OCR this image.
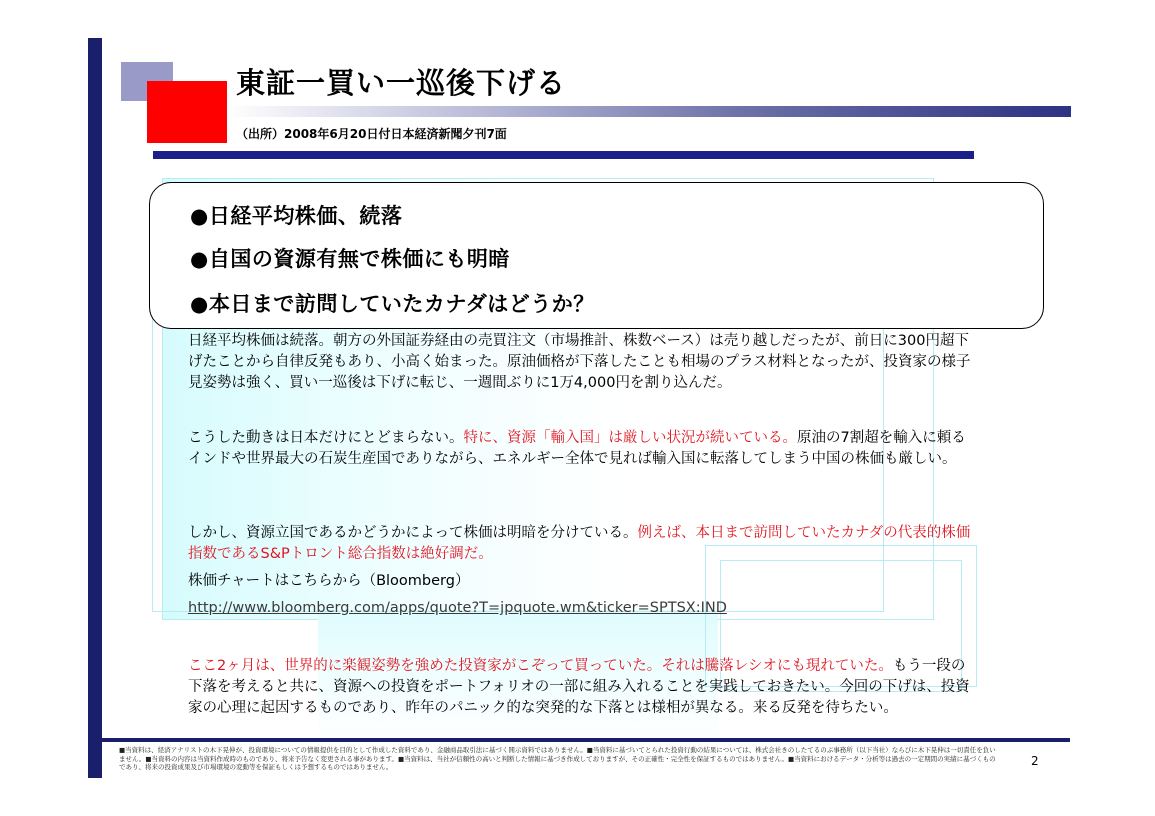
東証一買い一巡後下げる
（出所）2008年6月20日付日本経済新聞夕刊7面
●日経平均株価、続落
●自国の資源有無で株価にも明暗
●本日まで訪問していたカナダはどうか？
日経平均株価は続落。朝方の外国証券経由の売買注文（市場推計、株数ベース）は売り越しだったが、前日に300円超下げたことから自律反発もあり、小高く始まった。原油価格が下落したことも相場のプラス材料となったが、投資家の様子見姿勢は強く、買い一巡後は下げに転じ、一週間ぶりに1万4,000円を割り込んだ。
こうした動きは日本だけにとどまらない。特に、資源「輸入国」は厳しい状況が続いている。原油の7割超を輸入に頼るインドや世界最大の石炭生産国でありながら、エネルギー全体で見れば輸入国に転落してしまう中国の株価も厳しい。
しかし、資源立国であるかどうかによって株価は明暗を分けている。例えば、本日まで訪問していたカナダの代表的株価指数であるS&Pトロント総合指数は絶好調だ。
株価チャートはこちらから（Bloomberg）
http://www.bloomberg.com/apps/quote?T=jpquote.wm&ticker=SPTSX:IND
ここ2ヶ月は、世界的に楽観姿勢を強めた投資家がこぞって買っていた。それは騰落レシオにも現れていた。もう一段の下落を考えると共に、資源への投資をポートフォリオの一部に組み入れることを実践しておきたい。今回の下げは、投資家の心理に起因するものであり、昨年のパニック的な突発的な下落とは様相が異なる。来る反発を待ちたい。
■当資料は、経済アナリストの木下晃伸が、投資環境についての情報提供を目的として作成した資料であり、金融商品取引法に基づく開示資料ではありません。■当資料に基づいてとられた投資行動の結果については、株式会社きのしたてるのぶ事務所（以下当社）ならびに木下晃伸は一切責任を負いません。■当資料の内容は当資料作成時のものであり、将来予告なく変更される事があります。■当資料は、当社が信頼性の高いと判断した情報に基づき作成しておりますが、その正確性・完全性を保証するものではありません。■当資料におけるデータ・分析等は過去の一定期間の実績に基づくものであり、将来の投資成果及び市場環境の変動等を保証もしくは予想するものではありません。	2
